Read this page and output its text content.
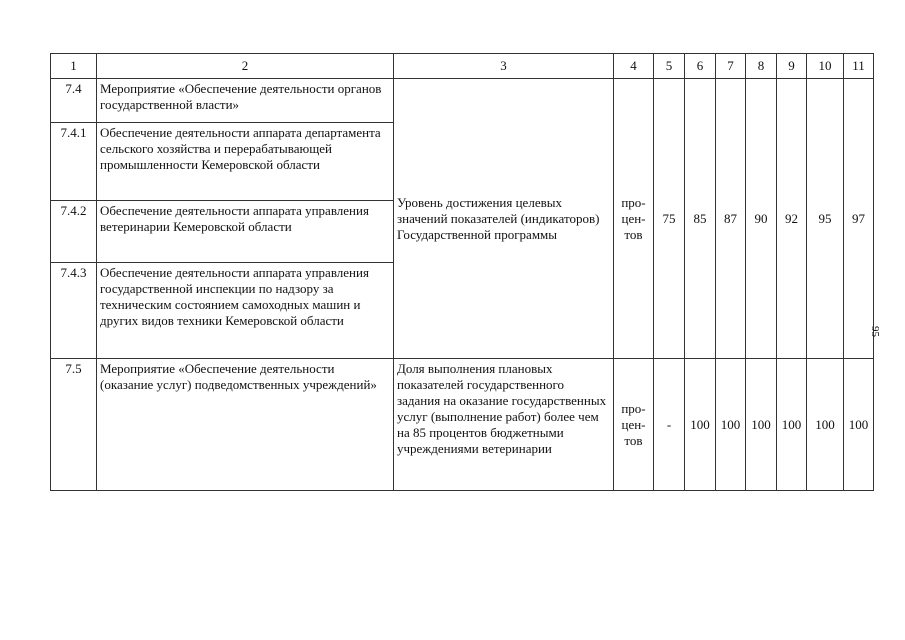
1	2	3	4	5	6	7	8	9	10	11
7.4	Мероприятие «Обеспечение деятельности органов государственной власти»	Уровень достижения целевых значений показателей (индикаторов) Государственной программы	про-
цен-
тов	75	85	87	90	92	95	97
7.4.1	Обеспечение деятельности аппарата департамента сельского хозяйства и перерабатывающей промышленности Кемеровской области									
7.4.2	Обеспечение деятельности аппарата управления ветеринарии Кемеровской области									
7.4.3	Обеспечение деятельности аппарата управления государственной инспекции по надзору за техническим состоянием самоходных машин и других видов техники Кемеровской области									
7.5	Мероприятие «Обеспечение деятельности (оказание услуг) подведомственных учреждений»	Доля выполнения плановых показателей государственного задания на оказание государственных услуг (выполнение работ) более чем на 85 процентов бюджетными учреждениями ветеринарии	про-
цен-
тов	-	100	100	100	100	100	100
95
